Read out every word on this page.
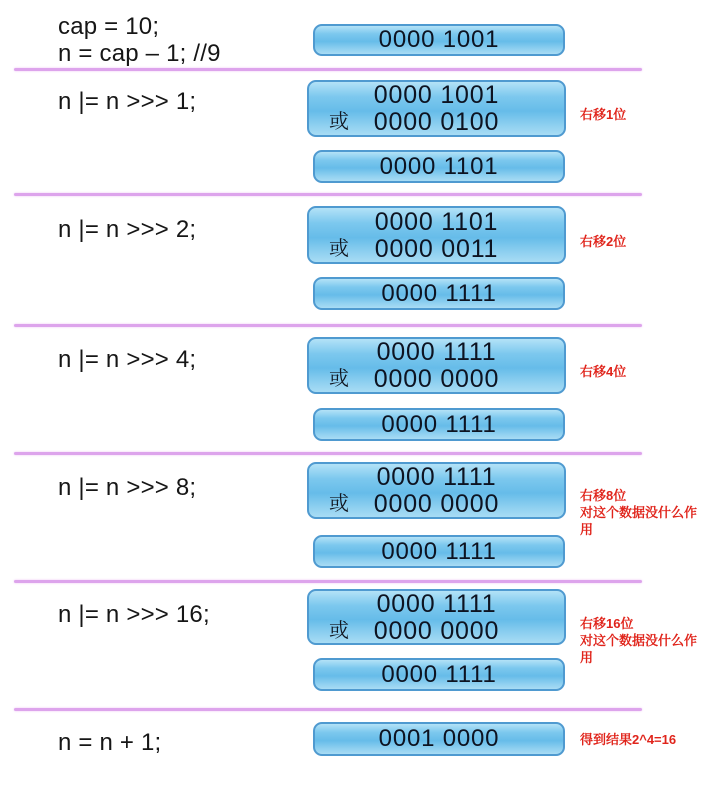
cap = 10;
n = cap – 1; //9
0000 1001
n |= n >>> 1;	0000 1001
或 0000 0100	右移1位
0000 1101
n |= n >>> 2;	0000 1101
或 0000 0011	右移2位
0000 1111
n |= n >>> 4;	0000 1111
或 0000 0000	右移4位
0000 1111
n |= n >>> 8;	0000 1111
或 0000 0000	右移8位
对这个数据没什么作用
0000 1111
n |= n >>> 16;	0000 1111
或 0000 0000	右移16位
对这个数据没什么作用
0000 1111
n = n + 1;	0001 0000	得到结果2^4=16
